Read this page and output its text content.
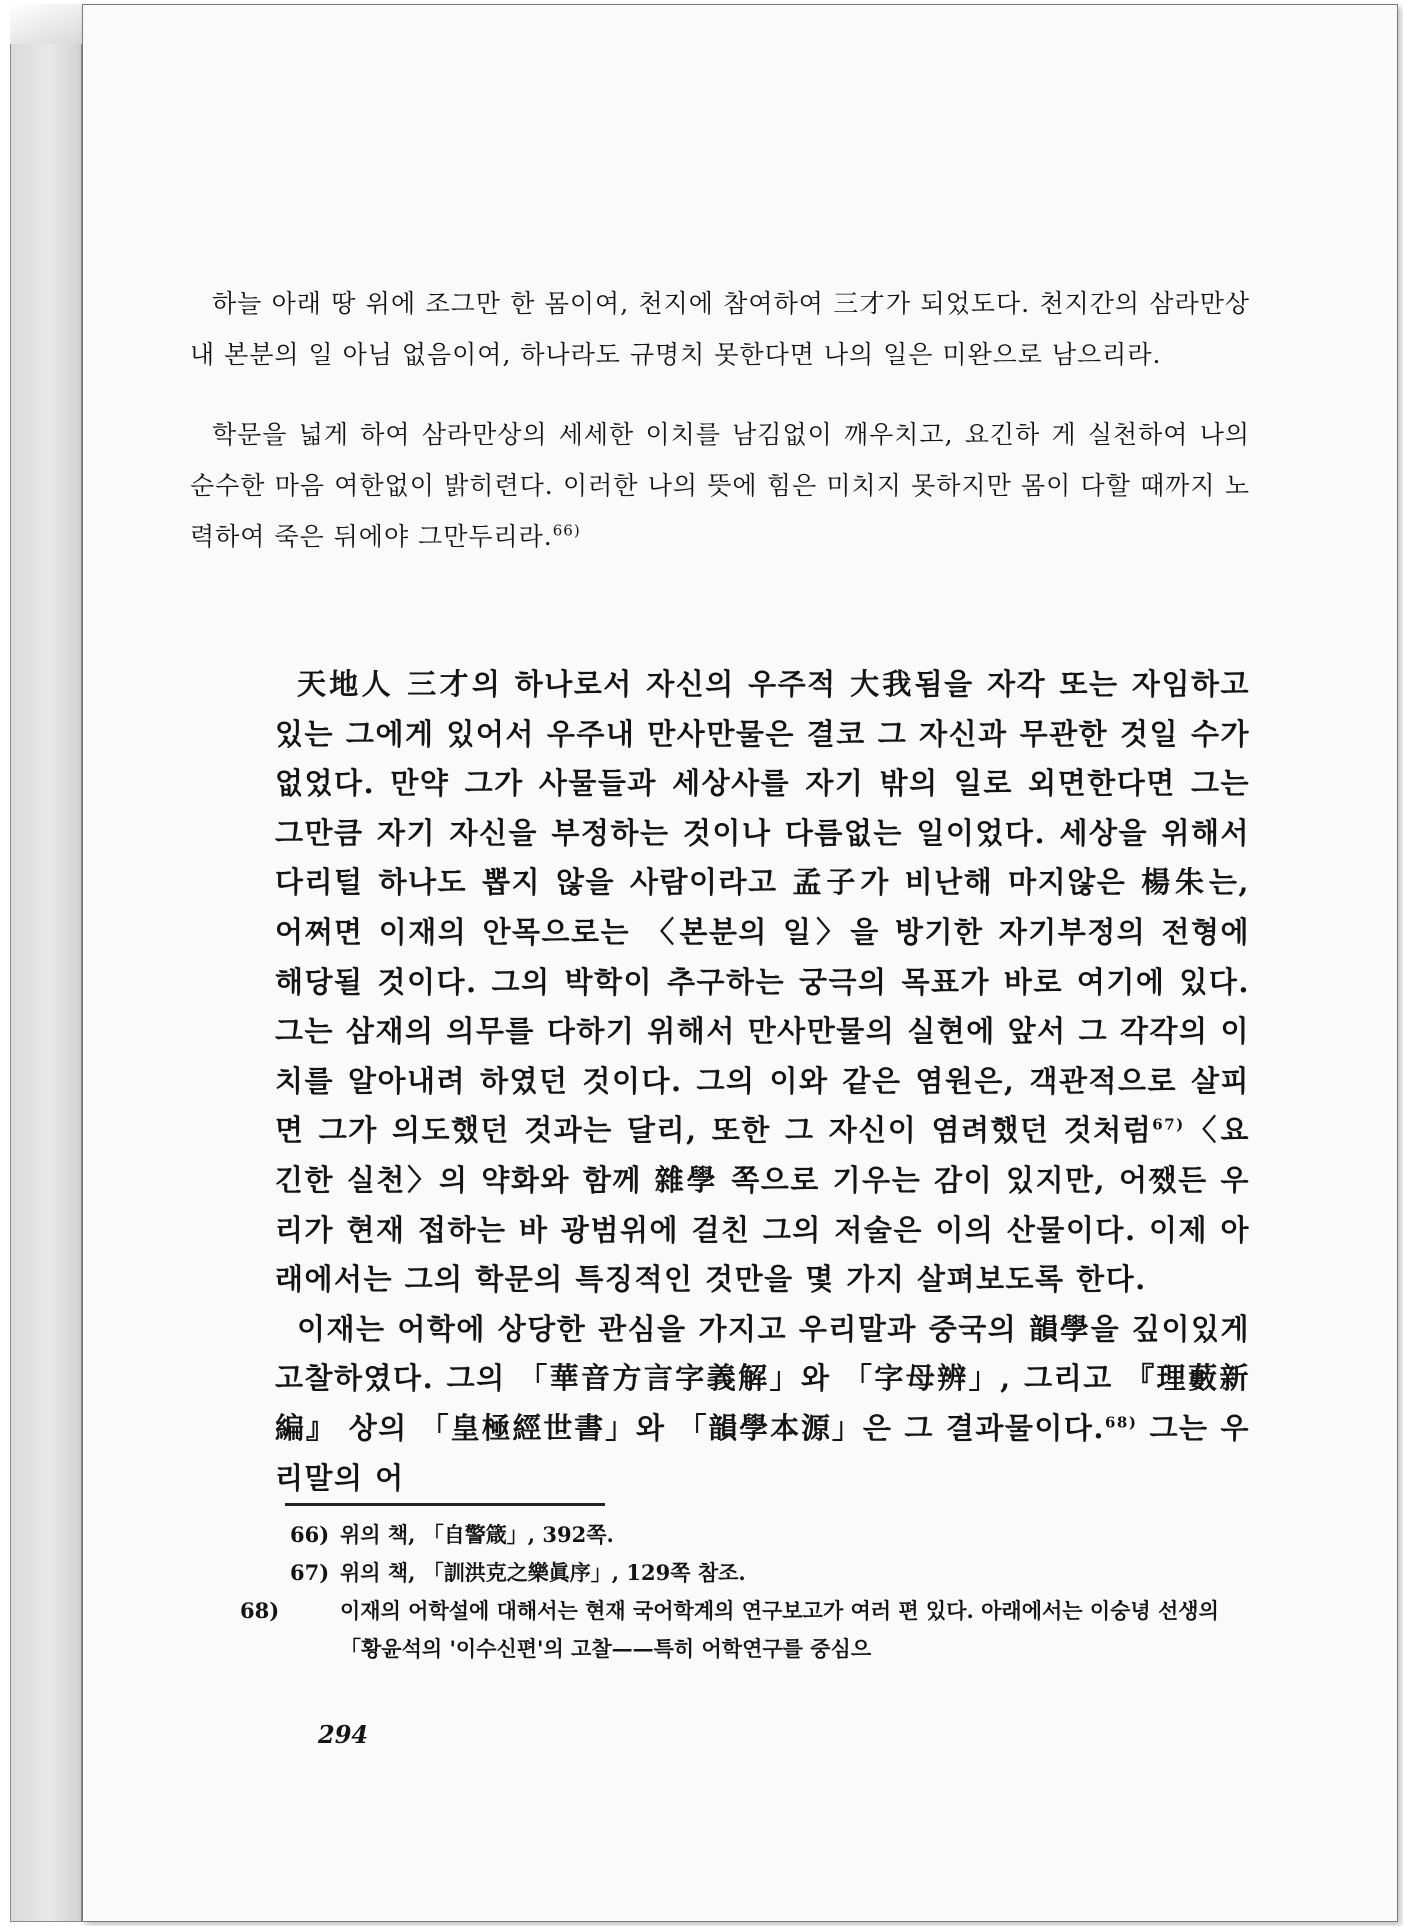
하늘 아래 땅 위에 조그만 한 몸이여, 천지에 참여하여 三才가 되었도다. 천지간의 삼라만상 내 본분의 일 아님 없음이여, 하나라도 규명치 못한다면 나의 일은 미완으로 남으리라.

학문을 넓게 하여 삼라만상의 세세한 이치를 남김없이 깨우치고, 요긴하 게 실천하여 나의 순수한 마음 여한없이 밝히련다. 이러한 나의 뜻에 힘은 미치지 못하지만 몸이 다할 때까지 노력하여 죽은 뒤에야 그만두리라.$^{66)}$

天地人 三才의 하나로서 자신의 우주적 大我됨을 자각 또는 자임하고 있는 그에게 있어서 우주내 만사만물은 결코 그 자신과 무관한 것일 수가 없었다. 만약 그가 사물들과 세상사를 자기 밖의 일로 외면한다면 그는 그만큼 자기 자신을 부정하는 것이나 다름없는 일이었다. 세상을 위해서 다리털 하나도 뽑지 않을 사람이라고 孟子가 비난해 마지않은 楊朱는, 어쩌면 이재의 안목으로는 〈본분의 일〉을 방기한 자기부정의 전형에 해당될 것이다. 그의 박학이 추구하는 궁극의 목표가 바로 여기에 있다. 그는 삼재의 의무를 다하기 위해서 만사만물의 실현에 앞서 그 각각의 이치를 알아내려 하였던 것이다. 그의 이와 같은 염원은, 객관적으로 살피면 그가 의도했던 것과는 달리, 또한 그 자신이 염려했던 것처럼$^{67)}$〈요긴한 실천〉의 약화와 함께 雜學 쪽으로 기우는 감이 있지만, 어쨌든 우리가 현재 접하는 바 광범위에 걸친 그의 저술은 이의 산물이다. 이제 아래에서는 그의 학문의 특징적인 것만을 몇 가지 살펴보도록 한다.

이재는 어학에 상당한 관심을 가지고 우리말과 중국의 韻學을 깊이있게 고찰하였다. 그의 「華音方言字義解」와 「字母辨」, 그리고 『理藪新編』 상의 「皇極經世書」와 「韻學本源」은 그 결과물이다.$^{68)}$ 그는 우리말의 어

66) 위의 책, 「自警箴」, 392쪽.

67) 위의 책, 「訓洪克之樂眞序」, 129쪽 참조.

68)	이재의 어학설에 대해서는 현재 국어학계의 연구보고가 여러 편 있다. 아래에서는 이숭녕 선생의 「황윤석의 '이수신편'의 고찰——특히 어학연구를 중심으

294
